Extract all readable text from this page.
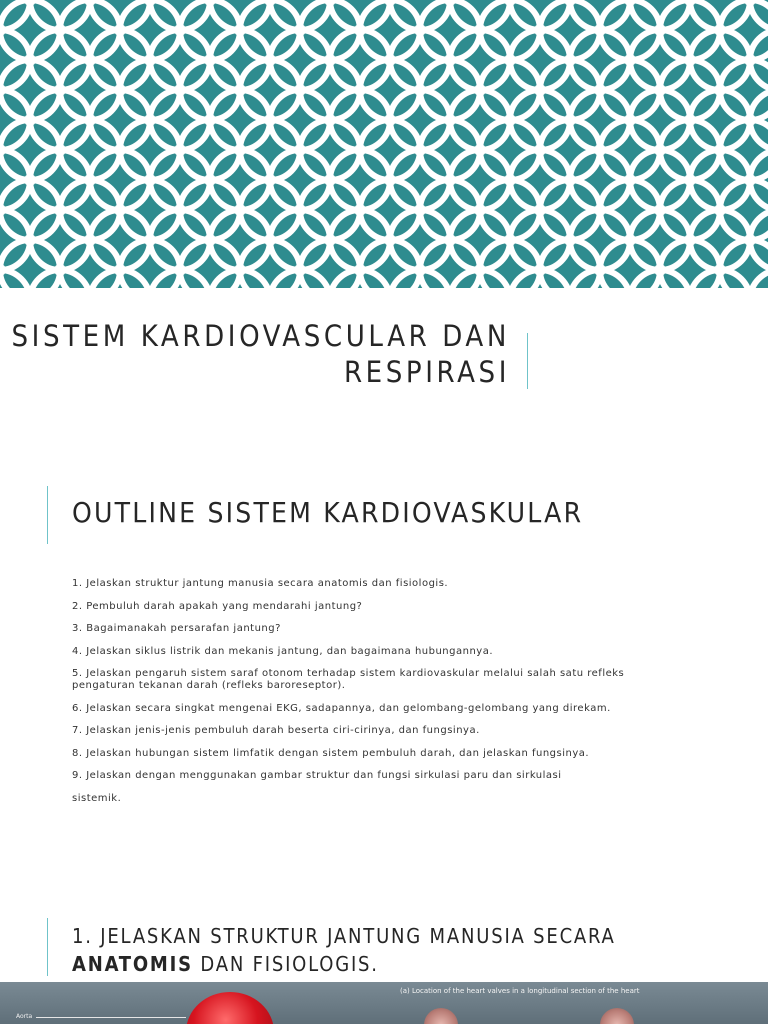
SISTEM KARDIOVASCULAR DAN
RESPIRASI
OUTLINE SISTEM KARDIOVASKULAR
1. Jelaskan struktur jantung manusia secara anatomis dan fisiologis.
2. Pembuluh darah apakah yang mendarahi jantung?
3. Bagaimanakah persarafan jantung?
4. Jelaskan siklus listrik dan mekanis jantung, dan bagaimana hubungannya.
5. Jelaskan pengaruh sistem saraf otonom terhadap sistem kardiovaskular melalui salah satu refleks pengaturan tekanan darah (refleks baroreseptor).
6. Jelaskan secara singkat mengenai EKG, sadapannya, dan gelombang-gelombang yang direkam.
7. Jelaskan jenis-jenis pembuluh darah beserta ciri-cirinya, dan fungsinya.
8. Jelaskan hubungan sistem limfatik dengan sistem pembuluh darah, dan jelaskan fungsinya.
9. Jelaskan dengan menggunakan gambar struktur dan fungsi sirkulasi paru dan sirkulasi
sistemik.
1. JELASKAN STRUKTUR JANTUNG MANUSIA SECARA ANATOMIS DAN FISIOLOGIS.
Aorta
(a) Location of the heart valves in a longitudinal section of the heart
